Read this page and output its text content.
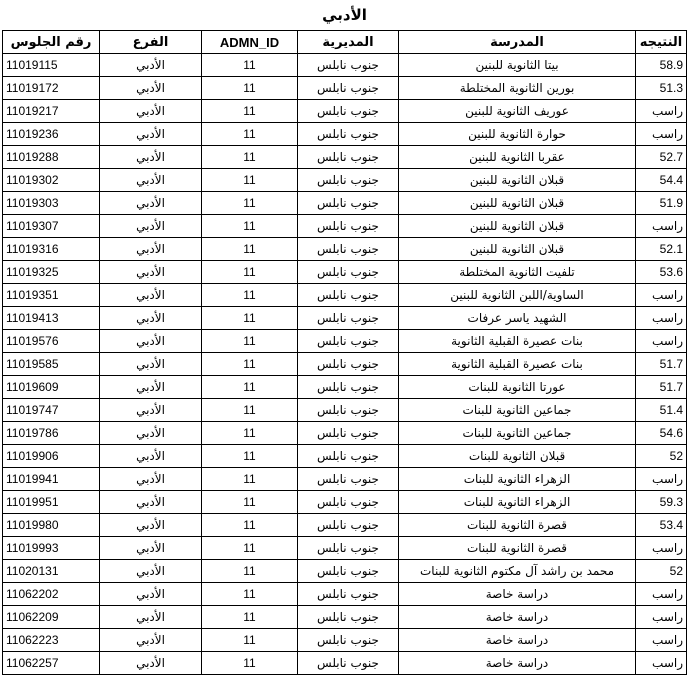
الأدبي
رقم الجلوس	الفرع	ADMN_ID	المديرية	المدرسة	النتيجه
11019115	الأدبي	11	جنوب نابلس	بيتا الثانوية للبنين	58.9
11019172	الأدبي	11	جنوب نابلس	بورين الثانوية المختلطة	51.3
11019217	الأدبي	11	جنوب نابلس	عوريف الثانوية للبنين	راسب
11019236	الأدبي	11	جنوب نابلس	حوارة الثانوية للبنين	راسب
11019288	الأدبي	11	جنوب نابلس	عقربا الثانوية للبنين	52.7
11019302	الأدبي	11	جنوب نابلس	قبلان الثانوية للبنين	54.4
11019303	الأدبي	11	جنوب نابلس	قبلان الثانوية للبنين	51.9
11019307	الأدبي	11	جنوب نابلس	قبلان الثانوية للبنين	راسب
11019316	الأدبي	11	جنوب نابلس	قبلان الثانوية للبنين	52.1
11019325	الأدبي	11	جنوب نابلس	تلفيت الثانوية المختلطة	53.6
11019351	الأدبي	11	جنوب نابلس	الساوية/اللبن الثانوية للبنين	راسب
11019413	الأدبي	11	جنوب نابلس	الشهيد ياسر عرفات	راسب
11019576	الأدبي	11	جنوب نابلس	بنات عصيرة القبلية الثانوية	راسب
11019585	الأدبي	11	جنوب نابلس	بنات عصيرة القبلية الثانوية	51.7
11019609	الأدبي	11	جنوب نابلس	عورتا الثانوية للبنات	51.7
11019747	الأدبي	11	جنوب نابلس	جماعين الثانوية للبنات	51.4
11019786	الأدبي	11	جنوب نابلس	جماعين الثانوية للبنات	54.6
11019906	الأدبي	11	جنوب نابلس	قبلان الثانوية للبنات	52
11019941	الأدبي	11	جنوب نابلس	الزهراء الثانوية للبنات	راسب
11019951	الأدبي	11	جنوب نابلس	الزهراء الثانوية للبنات	59.3
11019980	الأدبي	11	جنوب نابلس	قصرة الثانوية للبنات	53.4
11019993	الأدبي	11	جنوب نابلس	قصرة الثانوية للبنات	راسب
11020131	الأدبي	11	جنوب نابلس	محمد بن راشد آل مكتوم الثانوية للبنات	52
11062202	الأدبي	11	جنوب نابلس	دراسة خاصة	راسب
11062209	الأدبي	11	جنوب نابلس	دراسة خاصة	راسب
11062223	الأدبي	11	جنوب نابلس	دراسة خاصة	راسب
11062257	الأدبي	11	جنوب نابلس	دراسة خاصة	راسب
